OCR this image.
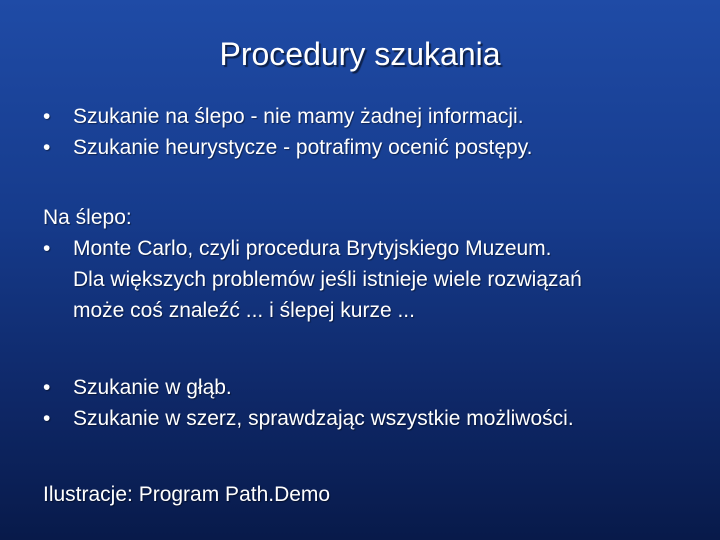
Procedury szukania
•	Szukanie na ślepo - nie mamy żadnej informacji.
•	Szukanie heurystycze - potrafimy ocenić postępy.
Na ślepo:
•	Monte Carlo, czyli procedura Brytyjskiego Muzeum.
Dla większych problemów jeśli istnieje wiele rozwiązań
może coś znaleźć ... i ślepej kurze ...
•	Szukanie w głąb.
•	Szukanie w szerz, sprawdzając wszystkie możliwości.
Ilustracje: Program Path.Demo
